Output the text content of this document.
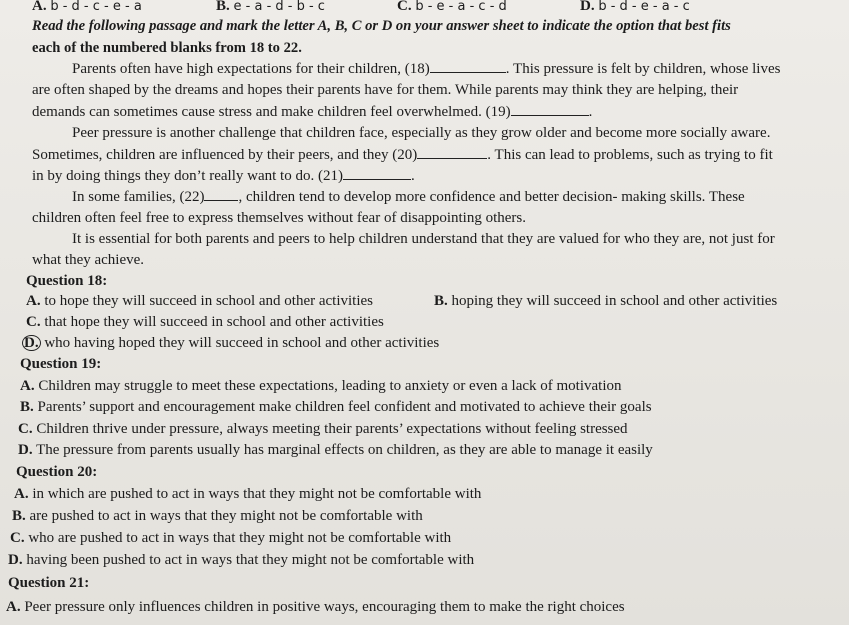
A. b - d - c - e - a	B. e - a - d - b - c	C. b - e - a - c - d	D. b - d - e - a - c
Read the following passage and mark the letter A, B, C or D on your answer sheet to indicate the option that best fits
each of the numbered blanks from 18 to 22.
Parents often have high expectations for their children, (18)	. This pressure is felt by children, whose lives
are often shaped by the dreams and hopes their parents have for them. While parents may think they are helping, their
demands can sometimes cause stress and make children feel overwhelmed. (19)	.
Peer pressure is another challenge that children face, especially as they grow older and become more socially aware.
Sometimes, children are influenced by their peers, and they (20)	. This can lead to problems, such as trying to fit
in by doing things they don’t really want to do. (21)	.
In some families, (22) , children tend to develop more confidence and better decision- making skills. These
children often feel free to express themselves without fear of disappointing others.
It is essential for both parents and peers to help children understand that they are valued for who they are, not just for
what they achieve.
Question 18:
A. to hope they will succeed in school and other activities	B. hoping they will succeed in school and other activities
C. that hope they will succeed in school and other activities
D. who having hoped they will succeed in school and other activities
Question 19:
A. Children may struggle to meet these expectations, leading to anxiety or even a lack of motivation
B. Parents’ support and encouragement make children feel confident and motivated to achieve their goals
C. Children thrive under pressure, always meeting their parents’ expectations without feeling stressed
D. The pressure from parents usually has marginal effects on children, as they are able to manage it easily
Question 20:
A. in which are pushed to act in ways that they might not be comfortable with
B. are pushed to act in ways that they might not be comfortable with
C. who are pushed to act in ways that they might not be comfortable with
D. having been pushed to act in ways that they might not be comfortable with
Question 21:
A. Peer pressure only influences children in positive ways, encouraging them to make the right choices
